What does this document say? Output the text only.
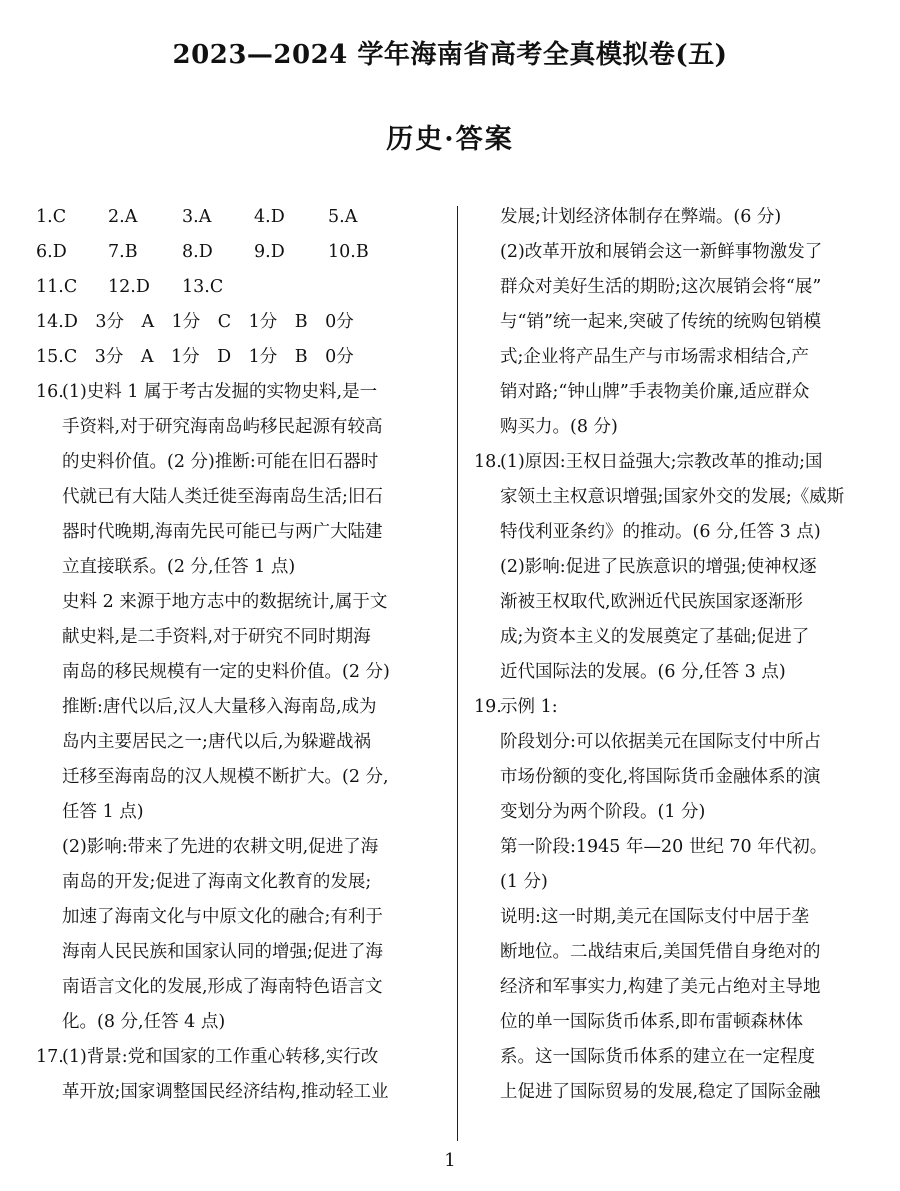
2023—2024 学年海南省高考全真模拟卷(五)
历史·答案
1.C 2.A	3.A 4.D 5.A
6.D 7.B	8.D 9.D 10.B
11.C 12.D 13.C
14.D　3分　A　1分　C　1分　B　0分
15.C　3分　A　1分　D　1分　B　0分
16.(1)史料 1 属于考古发掘的实物史料,是一
手资料,对于研究海南岛屿移民起源有较高
的史料价值。(2 分)推断:可能在旧石器时
代就已有大陆人类迁徙至海南岛生活;旧石
器时代晚期,海南先民可能已与两广大陆建
立直接联系。(2 分,任答 1 点)
史料 2 来源于地方志中的数据统计,属于文
献史料,是二手资料,对于研究不同时期海
南岛的移民规模有一定的史料价值。(2 分)
推断:唐代以后,汉人大量移入海南岛,成为
岛内主要居民之一;唐代以后,为躲避战祸
迁移至海南岛的汉人规模不断扩大。(2 分,
任答 1 点)
(2)影响:带来了先进的农耕文明,促进了海
南岛的开发;促进了海南文化教育的发展;
加速了海南文化与中原文化的融合;有利于
海南人民民族和国家认同的增强;促进了海
南语言文化的发展,形成了海南特色语言文
化。(8 分,任答 4 点)
17.(1)背景:党和国家的工作重心转移,实行改
革开放;国家调整国民经济结构,推动轻工业
发展;计划经济体制存在弊端。(6 分)
(2)改革开放和展销会这一新鲜事物激发了
群众对美好生活的期盼;这次展销会将“展”
与“销”统一起来,突破了传统的统购包销模
式;企业将产品生产与市场需求相结合,产
销对路;“钟山牌”手表物美价廉,适应群众
购买力。(8 分)
18.(1)原因:王权日益强大;宗教改革的推动;国
家领土主权意识增强;国家外交的发展;《威斯
特伐利亚条约》的推动。(6 分,任答 3 点)
(2)影响:促进了民族意识的增强;使神权逐
渐被王权取代,欧洲近代民族国家逐渐形
成;为资本主义的发展奠定了基础;促进了
近代国际法的发展。(6 分,任答 3 点)
19.示例 1:
阶段划分:可以依据美元在国际支付中所占
市场份额的变化,将国际货币金融体系的演
变划分为两个阶段。(1 分)
第一阶段:1945 年—20 世纪 70 年代初。
(1 分)
说明:这一时期,美元在国际支付中居于垄
断地位。二战结束后,美国凭借自身绝对的
经济和军事实力,构建了美元占绝对主导地
位的单一国际货币体系,即布雷顿森林体
系。这一国际货币体系的建立在一定程度
上促进了国际贸易的发展,稳定了国际金融
1
